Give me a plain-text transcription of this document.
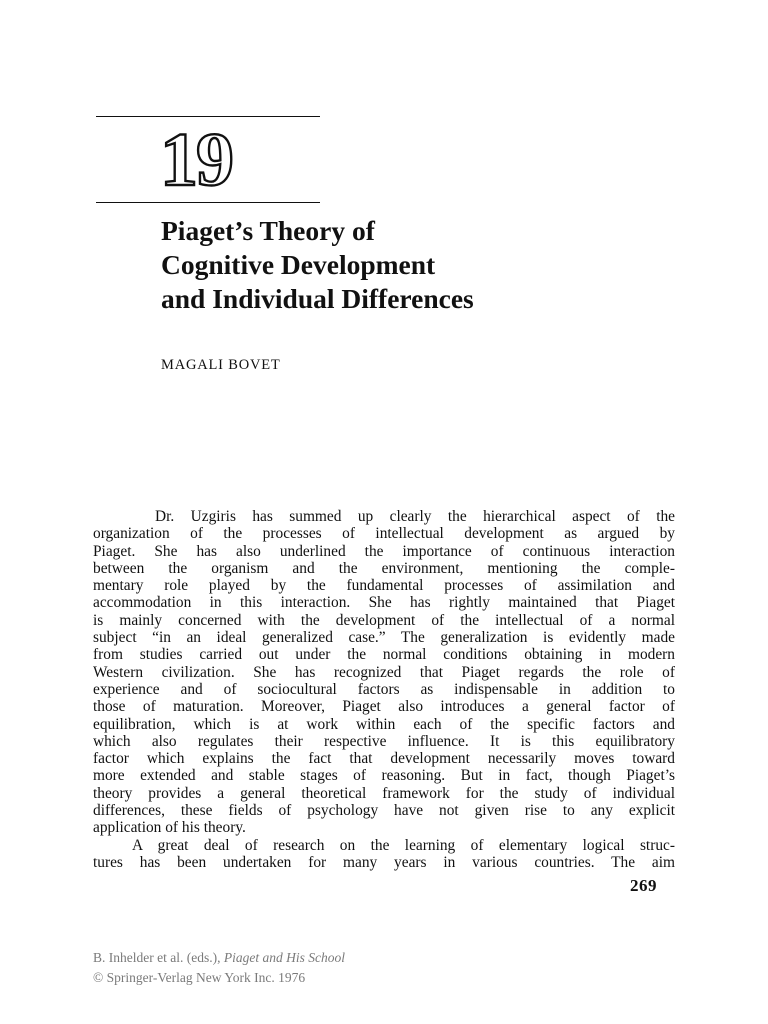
19
Piaget’s Theory of
Cognitive Development
and Individual Differences
MAGALI BOVET
Dr. Uzgiris has summed up clearly the hierarchical aspect of the
organization of the processes of intellectual development as argued by
Piaget. She has also underlined the importance of continuous interaction
between the organism and the environment, mentioning the comple-
mentary role played by the fundamental processes of assimilation and
accommodation in this interaction. She has rightly maintained that Piaget
is mainly concerned with the development of the intellectual of a normal
subject “in an ideal generalized case.” The generalization is evidently made
from studies carried out under the normal conditions obtaining in modern
Western civilization. She has recognized that Piaget regards the role of
experience and of sociocultural factors as indispensable in addition to
those of maturation. Moreover, Piaget also introduces a general factor of
equilibration, which is at work within each of the specific factors and
which also regulates their respective influence. It is this equilibratory
factor which explains the fact that development necessarily moves toward
more extended and stable stages of reasoning. But in fact, though Piaget’s
theory provides a general theoretical framework for the study of individual
differences, these fields of psychology have not given rise to any explicit
application of his theory.
A great deal of research on the learning of elementary logical struc-
tures has been undertaken for many years in various countries. The aim
269
B. Inhelder et al. (eds.), Piaget and His School
© Springer-Verlag New York Inc. 1976
